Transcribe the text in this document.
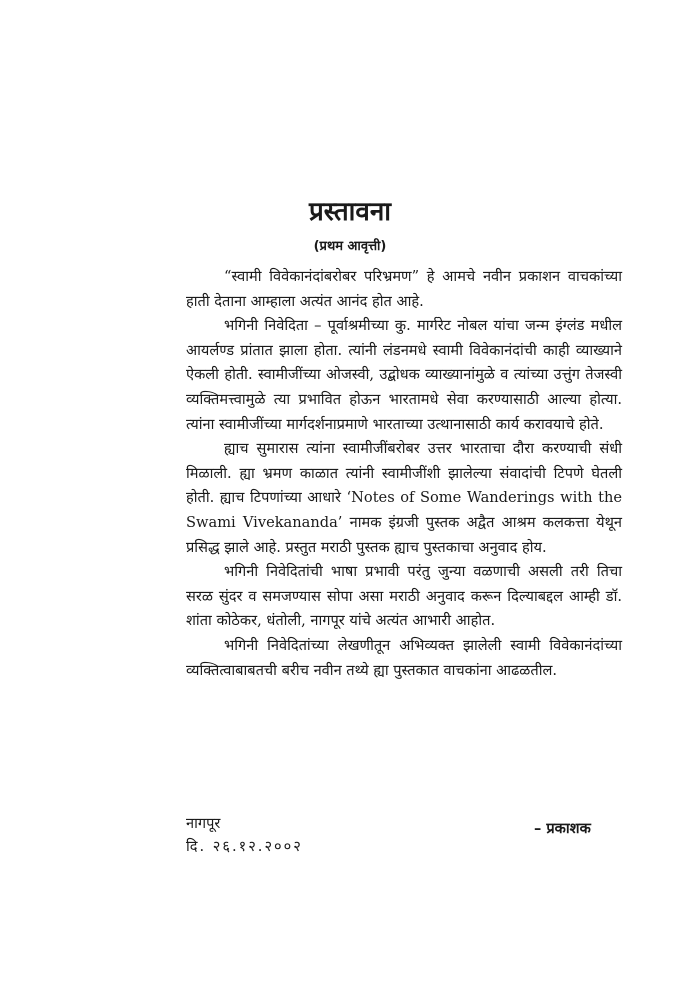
प्रस्तावना
(प्रथम आवृत्ती)

“स्वामी विवेकानंदांबरोबर परिभ्रमण” हे आमचे नवीन प्रकाशन वाचकांच्या हाती देताना आम्हाला अत्यंत आनंद होत आहे.

भगिनी निवेदिता – पूर्वाश्रमीच्या कु. मार्गरेट नोबल यांचा जन्म इंग्लंड मधील आयर्लण्ड प्रांतात झाला होता. त्यांनी लंडनमधे स्वामी विवेकानंदांची काही व्याख्याने ऐकली होती. स्वामीजींच्या ओजस्वी, उद्बोधक व्याख्यानांमुळे व त्यांच्या उत्तुंग तेजस्वी व्यक्तिमत्त्वामुळे त्या प्रभावित होऊन भारतामधे सेवा करण्यासाठी आल्या होत्या. त्यांना स्वामीजींच्या मार्गदर्शनाप्रमाणे भारताच्या उत्थानासाठी कार्य करावयाचे होते.

ह्याच सुमारास त्यांना स्वामीजींबरोबर उत्तर भारताचा दौरा करण्याची संधी मिळाली. ह्या भ्रमण काळात त्यांनी स्वामीजींशी झालेल्या संवादांची टिपणे घेतली होती. ह्याच टिपणांच्या आधारे ‘Notes of Some Wanderings with the Swami Vivekananda’ नामक इंग्रजी पुस्तक अद्वैत आश्रम कलकत्ता येथून प्रसिद्ध झाले आहे. प्रस्तुत मराठी पुस्तक ह्याच पुस्तकाचा अनुवाद होय.

भगिनी निवेदितांची भाषा प्रभावी परंतु जुन्या वळणाची असली तरी तिचा सरळ सुंदर व समजण्यास सोपा असा मराठी अनुवाद करून दिल्याबद्दल आम्ही डॉ. शांता कोठेकर, धंतोली, नागपूर यांचे अत्यंत आभारी आहोत.

भगिनी निवेदितांच्या लेखणीतून अभिव्यक्त झालेली स्वामी विवेकानंदांच्या व्यक्तित्वाबाबतची बरीच नवीन तथ्ये ह्या पुस्तकात वाचकांना आढळतील.

नागपूर
दि. २६.१२.२००२
– प्रकाशक
